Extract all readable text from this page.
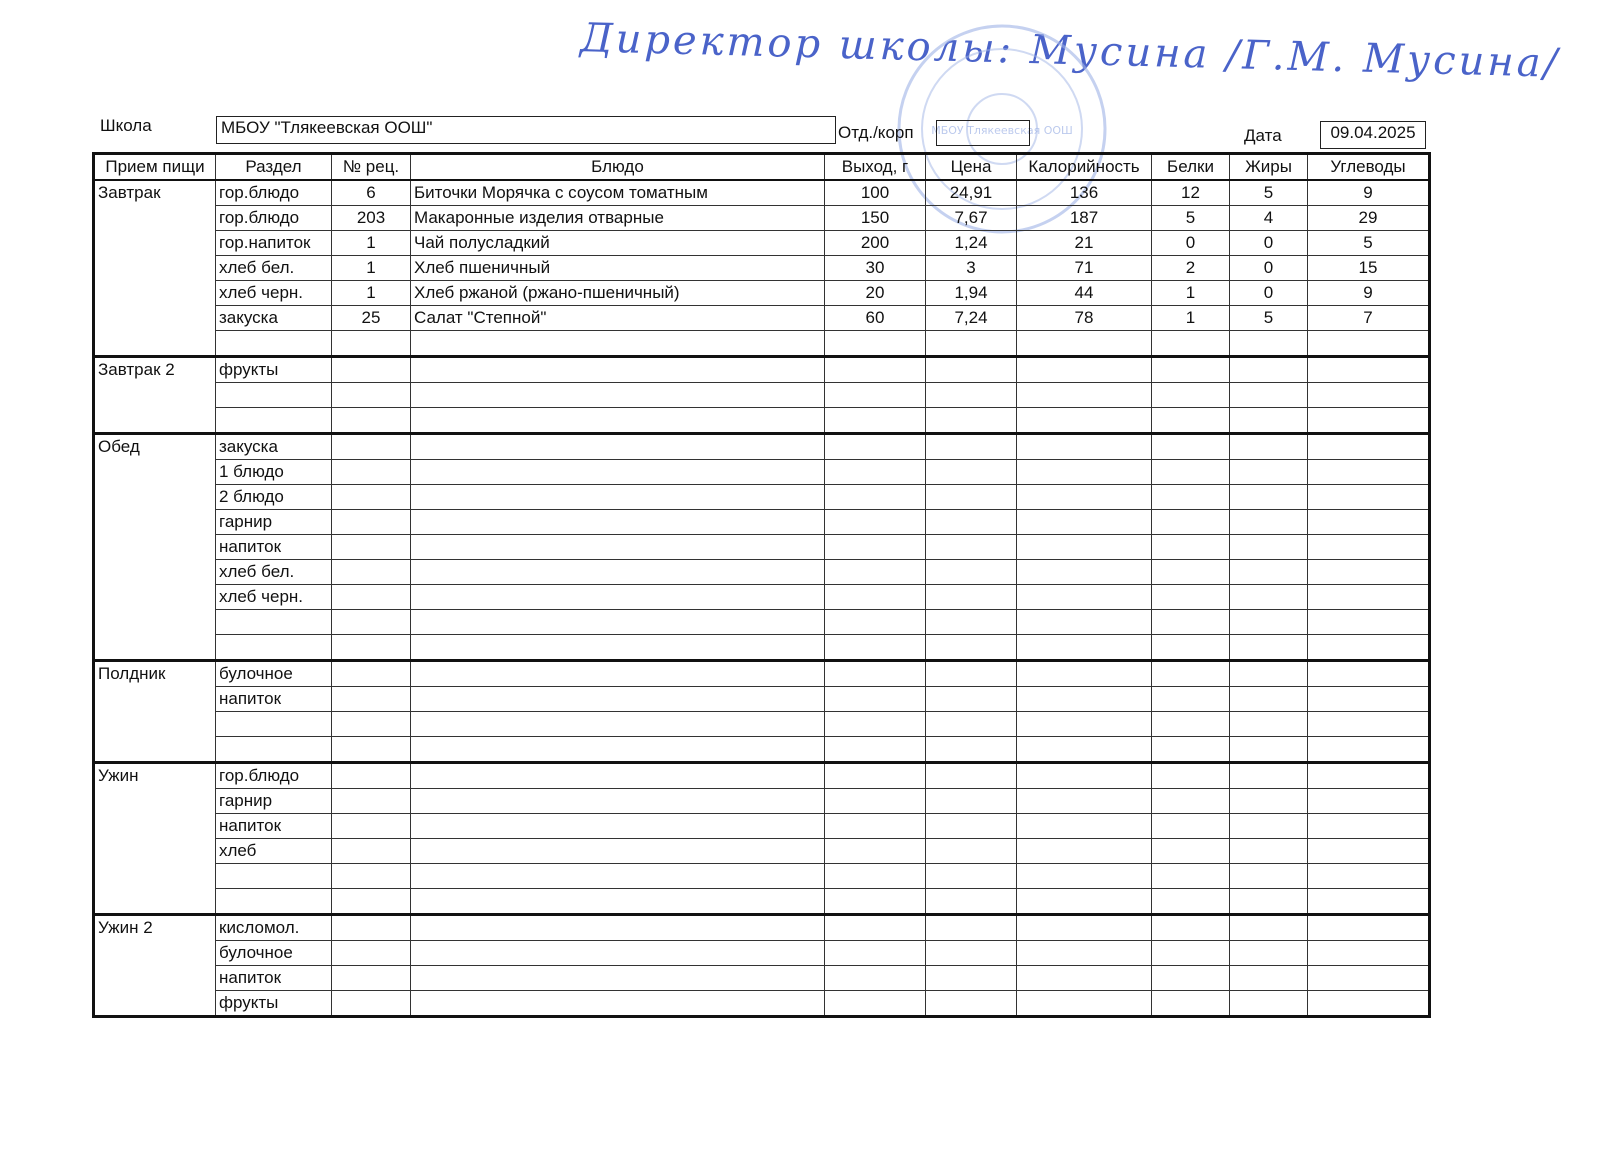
Директор школы: Мусина /Г.М. Мусина/
МБОУ Тлякеевская ООШ
Школа	МБОУ "Тлякеевская ООШ"	Отд./корп	Дата	09.04.2025
Прием пищи	Раздел	№ рец.	Блюдо	Выход, г	Цена	Калорийность	Белки	Жиры	Углеводы
Завтрак	гор.блюдо	6	Биточки Морячка с соусом томатным	100	24,91	136	12	5	9
	гор.блюдо	203	Макаронные изделия отварные	150	7,67	187	5	4	29
	гор.напиток	1	Чай полусладкий	200	1,24	21	0	0	5
	хлеб бел.	1	Хлеб пшеничный	30	3	71	2	0	15
	хлеб черн.	1	Хлеб ржаной (ржано-пшеничный)	20	1,94	44	1	0	9
	закуска	25	Салат "Степной"	60	7,24	78	1	5	7

Завтрак 2	фрукты								

Обед	закуска								
	1 блюдо								
	2 блюдо								
	гарнир								
	напиток								
	хлеб бел.								
	хлеб черн.								

Полдник	булочное								
	напиток								

Ужин	гор.блюдо								
	гарнир								
	напиток								
	хлеб								

Ужин 2	кисломол.								
	булочное								
	напиток								
	фрукты								
